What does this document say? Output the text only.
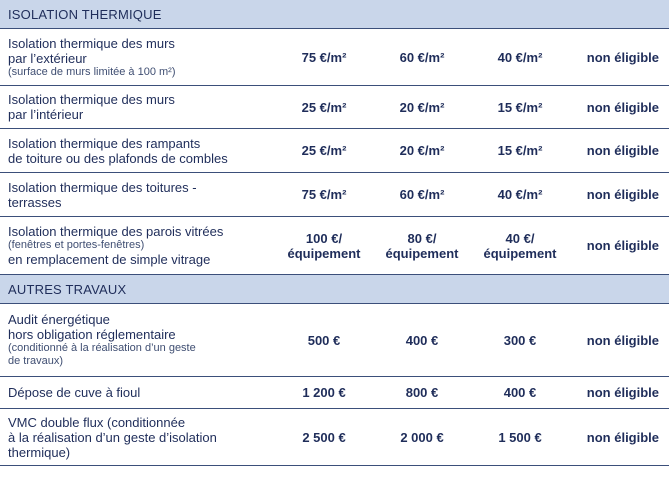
ISOLATION THERMIQUE				

Isolation thermique des murs
par l’extérieur
(surface de murs limitée à 100 m²)	75 €/m²	60 €/m²	40 €/m²	non éligible

Isolation thermique des murs
par l’intérieur	25 €/m²	20 €/m²	15 €/m²	non éligible

Isolation thermique des rampants
de toiture ou des plafonds de combles	25 €/m²	20 €/m²	15 €/m²	non éligible

Isolation thermique des toitures -
terrasses	75 €/m²	60 €/m²	40 €/m²	non éligible

Isolation thermique des parois vitrées
(fenêtres et portes-fenêtres)
en remplacement de simple vitrage	100 €/ équipement	80 €/ équipement	40 €/ équipement	non éligible
AUTRES TRAVAUX				

Audit énergétique
hors obligation réglementaire
(conditionné à la réalisation d’un geste
de travaux)	500 €	400 €	300 €	non éligible

Dépose de cuve à fioul	1 200 €	800 €	400 €	non éligible

VMC double flux (conditionnée
à la réalisation d’un geste d’isolation
thermique)	2 500 €	2 000 €	1 500 €	non éligible
